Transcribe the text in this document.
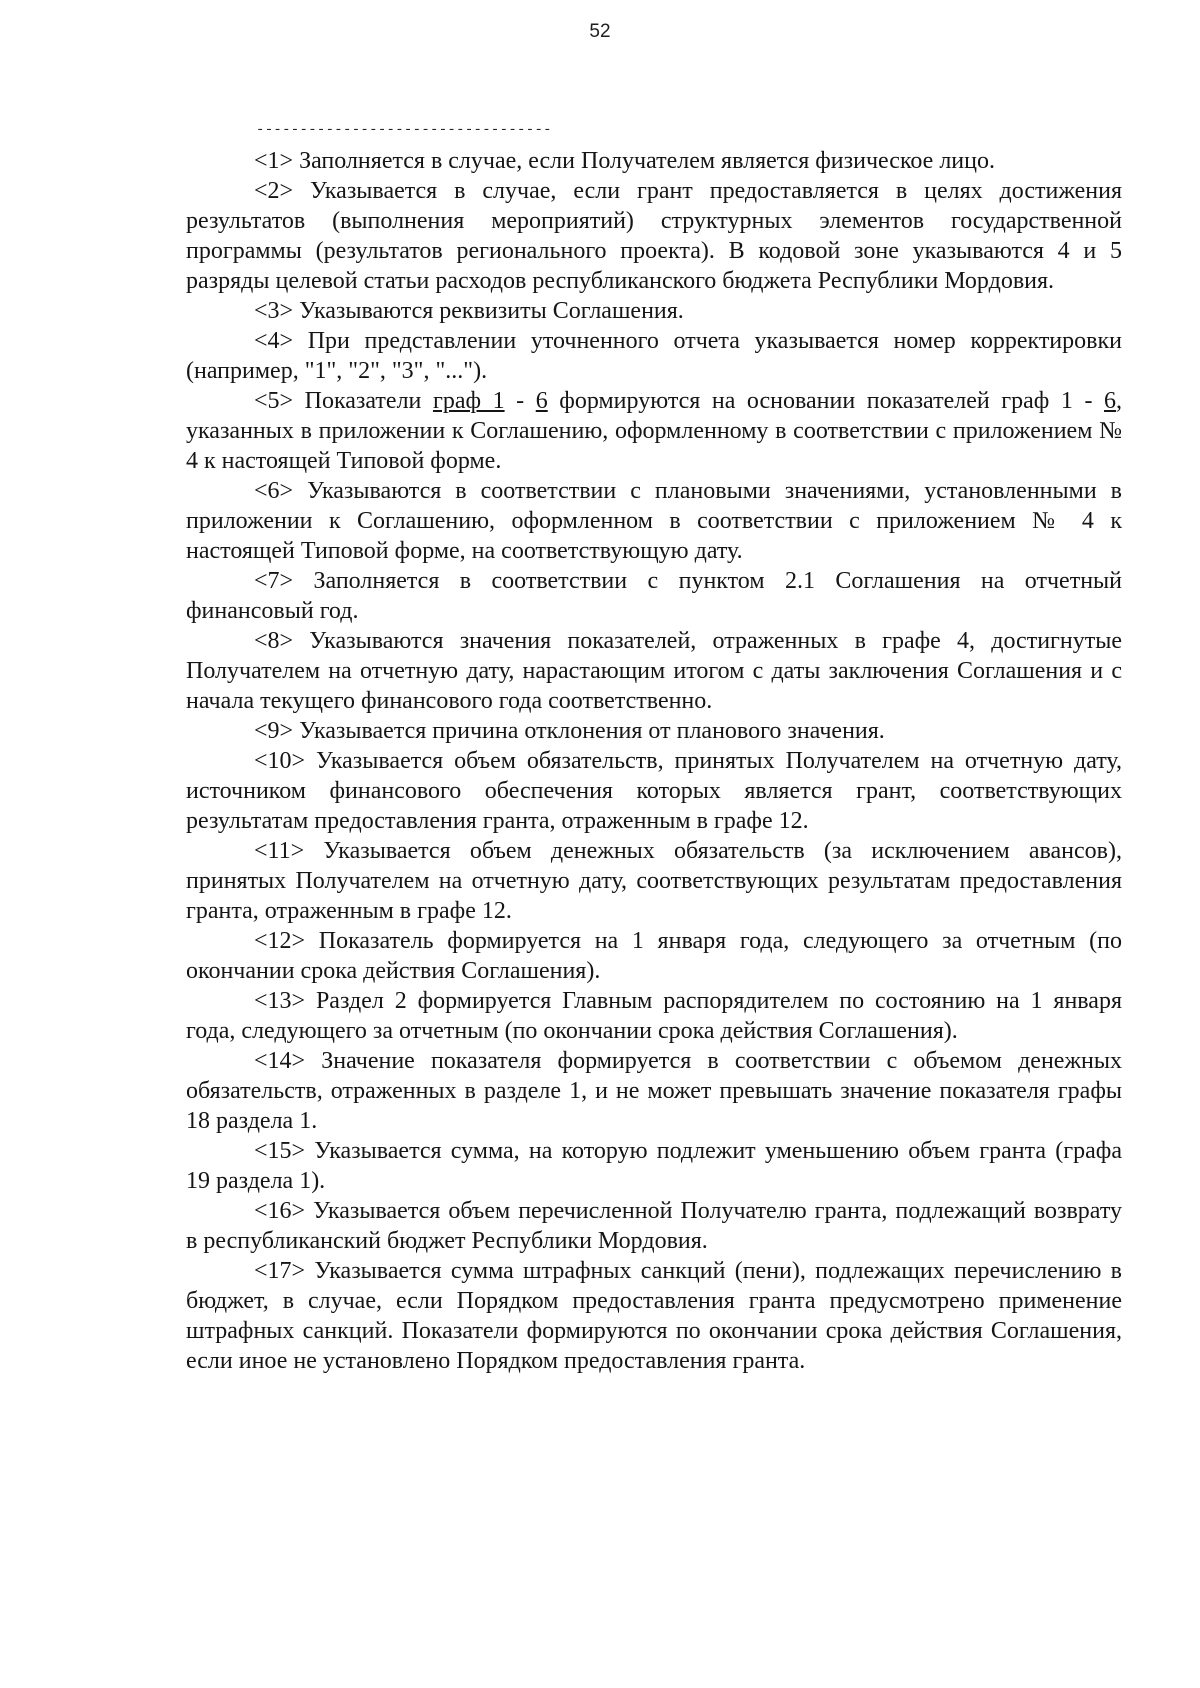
52
----------------------------------

<1> Заполняется в случае, если Получателем является физическое лицо.

<2> Указывается в случае, если грант предоставляется в целях достижения результатов (выполнения мероприятий) структурных элементов государственной программы (результатов регионального проекта). В кодовой зоне указываются 4 и 5 разряды целевой статьи расходов республиканского бюджета Республики Мордовия.

<3> Указываются реквизиты Соглашения.

<4> При представлении уточненного отчета указывается номер корректировки (например, "1", "2", "3", "...").

<5> Показатели граф 1 - 6 формируются на основании показателей граф 1 - 6, указанных в приложении к Соглашению, оформленному в соответствии с приложением № 4 к настоящей Типовой форме.

<6> Указываются в соответствии с плановыми значениями, установленными в приложении к Соглашению, оформленном в соответствии с приложением № 4 к настоящей Типовой форме, на соответствующую дату.

<7> Заполняется в соответствии с пунктом 2.1 Соглашения на отчетный финансовый год.

<8> Указываются значения показателей, отраженных в графе 4, достигнутые Получателем на отчетную дату, нарастающим итогом с даты заключения Соглашения и с начала текущего финансового года соответственно.

<9> Указывается причина отклонения от планового значения.

<10> Указывается объем обязательств, принятых Получателем на отчетную дату, источником финансового обеспечения которых является грант, соответствующих результатам предоставления гранта, отраженным в графе 12.

<11> Указывается объем денежных обязательств (за исключением авансов), принятых Получателем на отчетную дату, соответствующих результатам предоставления гранта, отраженным в графе 12.

<12> Показатель формируется на 1 января года, следующего за отчетным (по окончании срока действия Соглашения).

<13> Раздел 2 формируется Главным распорядителем по состоянию на 1 января года, следующего за отчетным (по окончании срока действия Соглашения).

<14> Значение показателя формируется в соответствии с объемом денежных обязательств, отраженных в разделе 1, и не может превышать значение показателя графы 18 раздела 1.

<15> Указывается сумма, на которую подлежит уменьшению объем гранта (графа 19 раздела 1).

<16> Указывается объем перечисленной Получателю гранта, подлежащий возврату в республиканский бюджет Республики Мордовия.

<17> Указывается сумма штрафных санкций (пени), подлежащих перечислению в бюджет, в случае, если Порядком предоставления гранта предусмотрено применение штрафных санкций. Показатели формируются по окончании срока действия Соглашения, если иное не установлено Порядком предоставления гранта.
